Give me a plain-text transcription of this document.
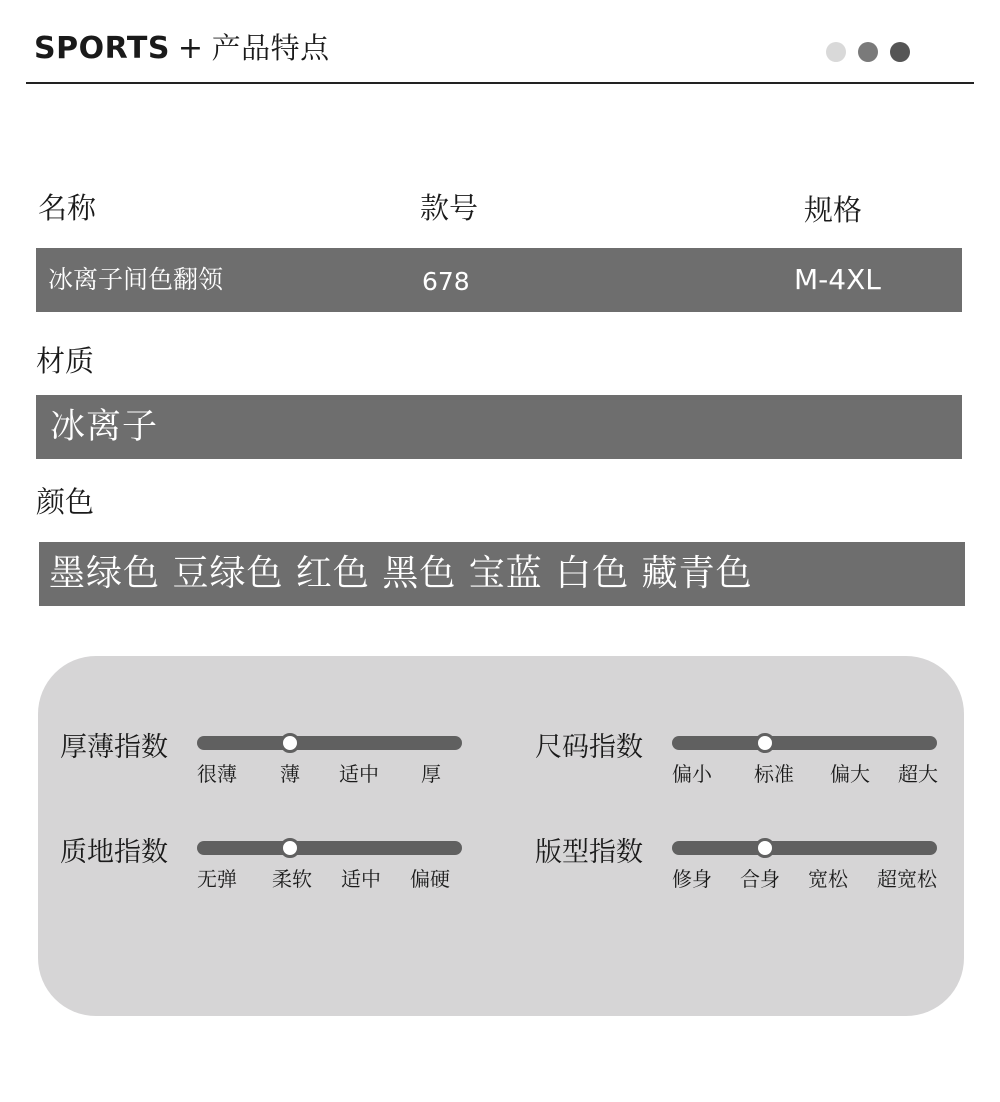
SPORTS + 产品特点
名称	款号	规格
冰离子间色翻领	678	M-4XL
材质
冰离子
颜色
墨绿色 豆绿色 红色 黑色 宝蓝 白色 藏青色
厚薄指数
很薄 薄 适中 厚
尺码指数
偏小 标准 偏大 超大
质地指数
无弹 柔软 适中 偏硬
版型指数
修身 合身 宽松 超宽松
